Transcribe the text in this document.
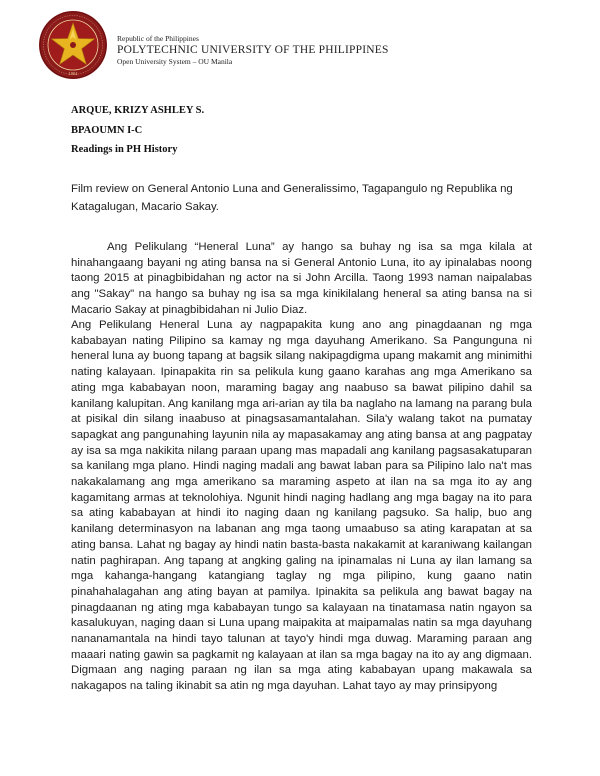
1904
Republic of the Philippines
POLYTECHNIC UNIVERSITY OF THE PHILIPPINES
Open University System – OU Manila
ARQUE, KRIZY ASHLEY S.
BPAOUMN I-C
Readings in PH History
Film review on General Antonio Luna and Generalissimo, Tagapangulo ng Republika ng Katagalugan, Macario Sakay.
Ang Pelikulang “Heneral Luna” ay hango sa buhay ng isa sa mga kilala at hinahangaang bayani ng ating bansa na si General Antonio Luna, ito ay ipinalabas noong taong 2015 at pinagbibidahan ng actor na si John Arcilla. Taong 1993 naman naipalabas ang "Sakay" na hango sa buhay ng isa sa mga kinikilalang heneral sa ating bansa na si Macario Sakay at pinagbibidahan ni Julio Diaz.
Ang Pelikulang Heneral Luna ay nagpapakita kung ano ang pinagdaanan ng mga kababayan nating Pilipino sa kamay ng mga dayuhang Amerikano. Sa Pangunguna ni heneral luna ay buong tapang at bagsik silang nakipagdigma upang makamit ang minimithi nating kalayaan. Ipinapakita rin sa pelikula kung gaano karahas ang mga Amerikano sa ating mga kababayan noon, maraming bagay ang naabuso sa bawat pilipino dahil sa kanilang kalupitan. Ang kanilang mga ari-arian ay tila ba naglaho na lamang na parang bula at pisikal din silang inaabuso at pinagsasamantalahan. Sila'y walang takot na pumatay sapagkat ang pangunahing layunin nila ay mapasakamay ang ating bansa at ang pagpatay ay isa sa mga nakikita nilang paraan upang mas mapadali ang kanilang pagsasakatuparan sa kanilang mga plano. Hindi naging madali ang bawat laban para sa Pilipino lalo na't mas nakakalamang ang mga amerikano sa maraming aspeto at ilan na sa mga ito ay ang kagamitang armas at teknolohiya. Ngunit hindi naging hadlang ang mga bagay na ito para sa ating kababayan at hindi ito naging daan ng kanilang pagsuko. Sa halip, buo ang kanilang determinasyon na labanan ang mga taong umaabuso sa ating karapatan at sa ating bansa. Lahat ng bagay ay hindi natin basta-basta nakakamit at karaniwang kailangan natin paghirapan. Ang tapang at angking galing na ipinamalas ni Luna ay ilan lamang sa mga kahanga-hangang katangiang taglay ng mga pilipino, kung gaano natin pinahahalagahan ang ating bayan at pamilya. Ipinakita sa pelikula ang bawat bagay na pinagdaanan ng ating mga kababayan tungo sa kalayaan na tinatamasa natin ngayon sa kasalukuyan, naging daan si Luna upang maipakita at maipamalas natin sa mga dayuhang nananamantala na hindi tayo talunan at tayo'y hindi mga duwag. Maraming paraan ang maaari nating gawin sa pagkamit ng kalayaan at ilan sa mga bagay na ito ay ang digmaan. Digmaan ang naging paraan ng ilan sa mga ating kababayan upang makawala sa nakagapos na taling ikinabit sa atin ng mga dayuhan. Lahat tayo ay may prinsipyong
